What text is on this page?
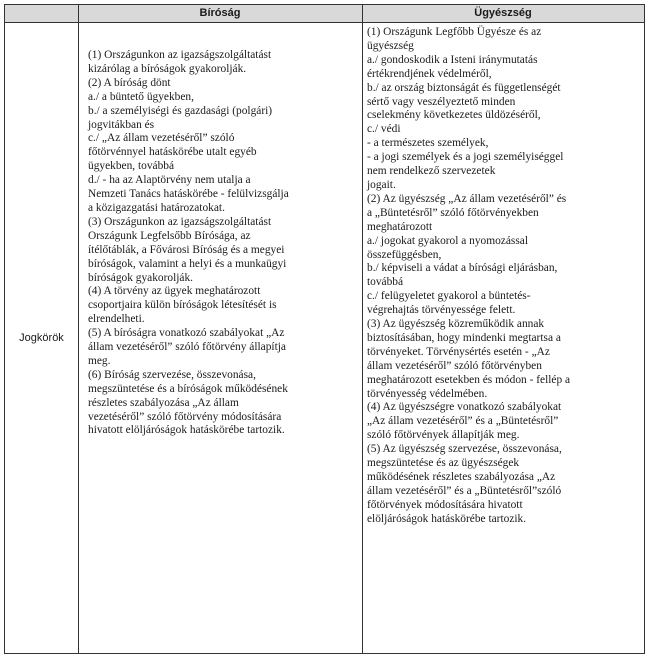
Bíróság	Ügyészség
Jogkörök
(1) Országunkon az igazságszolgáltatást
kizárólag a bíróságok gyakorolják.
(2) A bíróság dönt
a./ a büntető ügyekben,
b./ a személyiségi és gazdasági (polgári)
jogvitákban és
c./ „Az állam vezetéséről” szóló
főtörvénnyel hatáskörébe utalt egyéb
ügyekben, továbbá
d./ - ha az Alaptörvény nem utalja a
Nemzeti Tanács hatáskörébe - felülvizsgálja
a közigazgatási határozatokat.
(3) Országunkon az igazságszolgáltatást
Országunk Legfelsőbb Bírósága, az
ítélőtáblák, a Fővárosi Bíróság és a megyei
bíróságok, valamint a helyi és a munkaügyi
bíróságok gyakorolják.
(4) A törvény az ügyek meghatározott
csoportjaira külön bíróságok létesítését is
elrendelheti.
(5) A bíróságra vonatkozó szabályokat „Az
állam vezetéséről” szóló főtörvény állapítja
meg.
(6) Bíróság szervezése, összevonása,
megszüntetése és a bíróságok működésének
részletes szabályozása „Az állam
vezetéséről” szóló főtörvény módosítására
hivatott elöljáróságok hatáskörébe tartozik.
(1) Országunk Legfőbb Ügyésze és az
ügyészség
a./ gondoskodik a Isteni iránymutatás
értékrendjének védelméről,
b./ az ország biztonságát és függetlenségét
sértő vagy veszélyeztető minden
cselekmény következetes üldözéséről,
c./ védi
- a természetes személyek,
- a jogi személyek és a jogi személyiséggel
nem rendelkező szervezetek
jogait.
(2) Az ügyészség „Az állam vezetéséről” és
a „Büntetésről” szóló főtörvényekben
meghatározott
a./ jogokat gyakorol a nyomozással
összefüggésben,
b./ képviseli a vádat a bírósági eljárásban,
továbbá
c./ felügyeletet gyakorol a büntetés-
végrehajtás törvényessége felett.
(3) Az ügyészség közreműködik annak
biztosításában, hogy mindenki megtartsa a
törvényeket. Törvénysértés esetén - „Az
állam vezetéséről” szóló főtörvényben
meghatározott esetekben és módon - fellép a
törvényesség védelmében.
(4) Az ügyészségre vonatkozó szabályokat
„Az állam vezetéséről” és a „Büntetésről”
szóló főtörvények állapítják meg.
(5) Az ügyészség szervezése, összevonása,
megszüntetése és az ügyészségek
működésének részletes szabályozása „Az
állam vezetéséről” és a „Büntetésről”szóló
főtörvények módosítására hivatott
elöljáróságok hatáskörébe tartozik.
